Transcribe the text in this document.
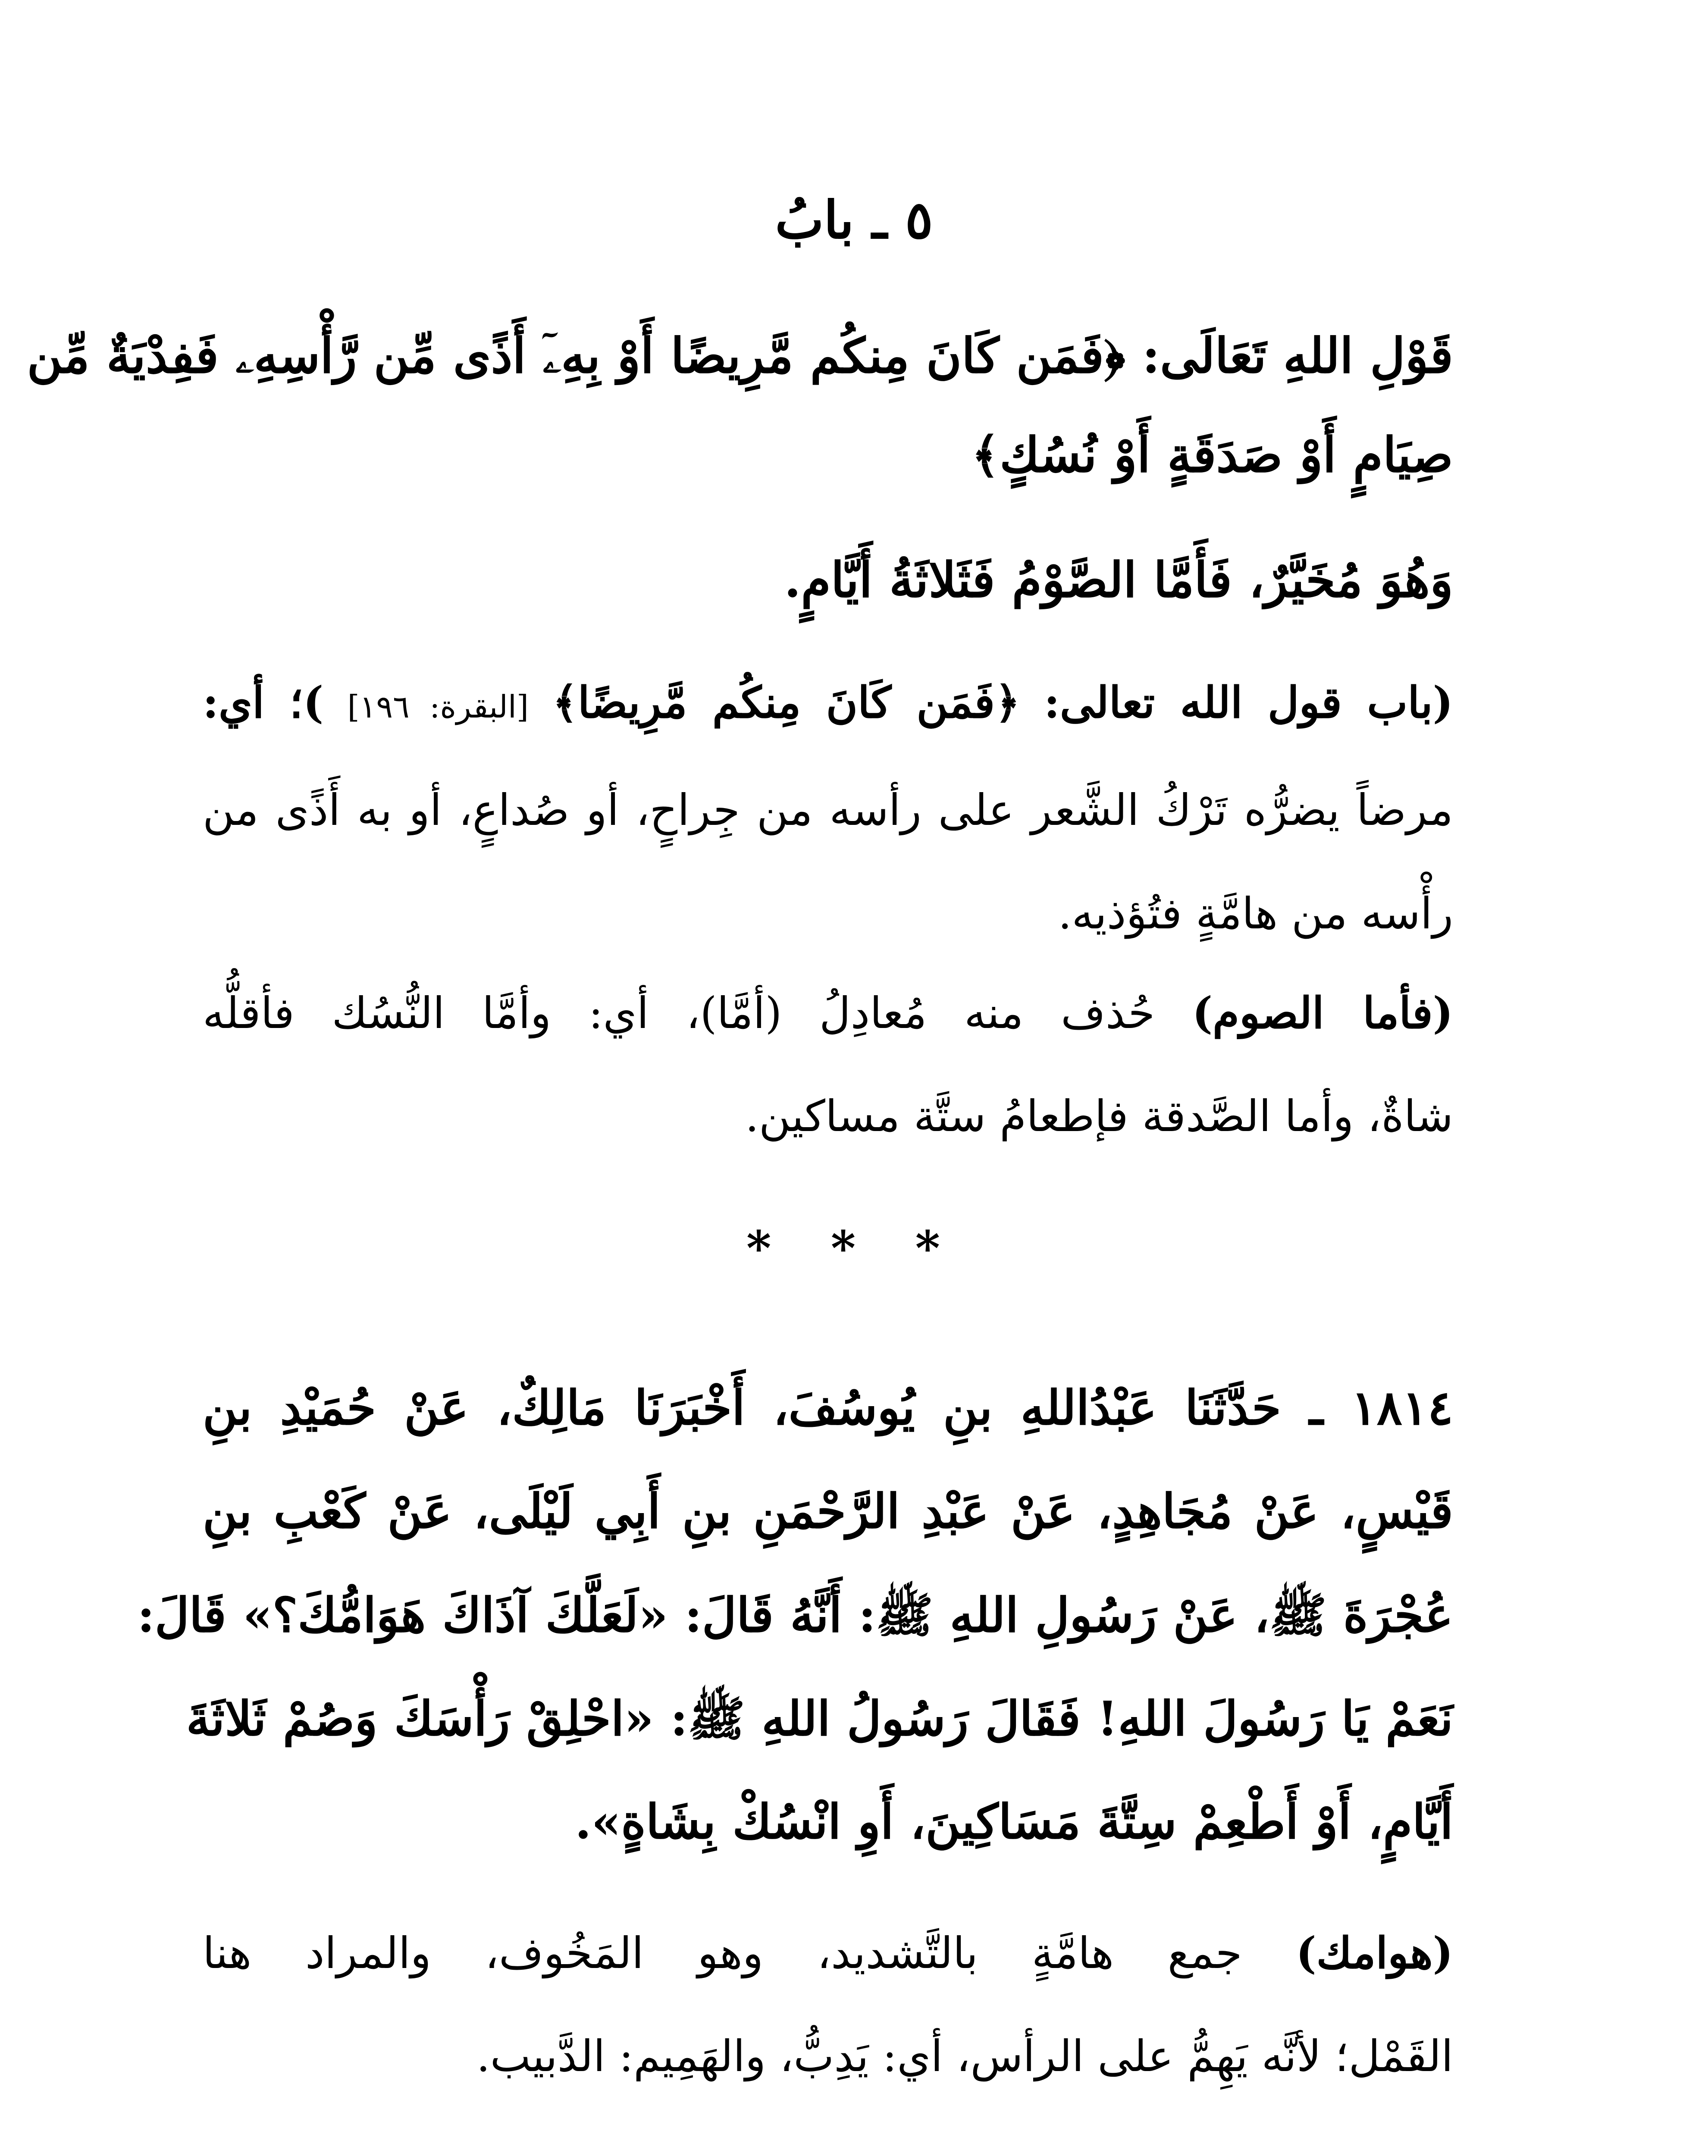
٥ ـ بابُ
قَوْلِ اللهِ تَعَالَى: ﴿فَمَن كَانَ مِنكُم مَّرِيضًا أَوْ بِهِۦٓ أَذًى مِّن رَّأْسِهِۦ فَفِدْيَةٌ مِّن
صِيَامٍ أَوْ صَدَقَةٍ أَوْ نُسُكٍ﴾
وَهُوَ مُخَيَّرٌ، فَأَمَّا الصَّوْمُ فَثَلاثَةُ أَيَّامٍ.
(باب قول الله تعالى: ﴿فَمَن كَانَ مِنكُم مَّرِيضًا﴾ [البقرة: ١٩٦] )؛ أي:
مرضاً يضرُّه تَرْكُ الشَّعر على رأسه من جِراحٍ، أو صُداعٍ، أو به أَذًى من
رأْسه من هامَّةٍ فتُؤذيه.
(فأما الصوم) حُذف منه مُعادِلُ (أمَّا)، أي: وأمَّا النُّسُك فأقلُّه
شاةٌ، وأما الصَّدقة فإطعامُ ستَّة مساكين.
* * *
١٨١٤ ـ حَدَّثَنَا عَبْدُاللهِ بنِ يُوسُفَ، أَخْبَرَنَا مَالِكٌ، عَنْ حُمَيْدِ بنِ
قَيْسٍ، عَنْ مُجَاهِدٍ، عَنْ عَبْدِ الرَّحْمَنِ بنِ أَبِي لَيْلَى، عَنْ كَعْبِ بنِ
عُجْرَةَ ﷺ، عَنْ رَسُولِ اللهِ ﷺ: أَنَّهُ قَالَ: «لَعَلَّكَ آذَاكَ هَوَامُّكَ؟» قَالَ:
نَعَمْ يَا رَسُولَ اللهِ! فَقَالَ رَسُولُ اللهِ ﷺ: «احْلِقْ رَأْسَكَ وَصُمْ ثَلاثَةَ
أَيَّامٍ، أَوْ أَطْعِمْ سِتَّةَ مَسَاكِينَ، أَوِ انْسُكْ بِشَاةٍ».
(هوامك) جمع هامَّةٍ بالتَّشديد، وهو المَخُوف، والمراد هنا
القَمْل؛ لأنَّه يَهِمُّ على الرأس، أي: يَدِبُّ، والهَمِيم: الدَّبيب.
